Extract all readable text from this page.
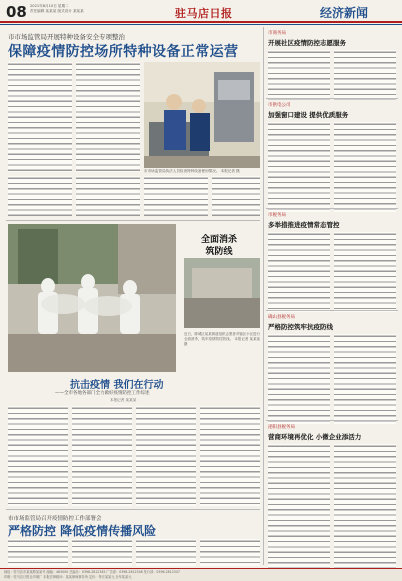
08 2021年8月10日 星期二
责任编辑 某某某 版式设计 某某某	驻马店日报	经济新闻
市市场监管局开展特种设备安全专项整治
保障疫情防控场所特种设备正常运营
市市场监管局执法人员检查特种设备使用情况。 本报记者 摄
全面消杀
筑防线
近日，驿城区某某街道组织志愿者对辖区小区进行全面消杀，筑牢疫情防控防线。 本报记者 某某某 摄
抗击疫情 我们在行动
——全市各地各部门全力做好疫情防控工作综述
本报记者 某某某
市市场监管局召开疫情防控工作部署会
严格防控 降低疫情传播风险
市商务局
开展社区疫情防控志愿服务
市供电公司
加强窗口建设 提供优质服务
市税务局
多举措推进疫情常态管控
确山县税务局
严格防控筑牢抗疫防线
泌阳县税务局
营商环境再优化 小微企业添活力
地址：驻马店市某某路某某号 邮编：463000 总编办：0396-2812345 广告部：0396-2812346 发行部：0396-2812347
印刷：驻马店日报社印刷厂 本报法律顾问：某某律师事务所 定价：每月某某元 全年某某元
